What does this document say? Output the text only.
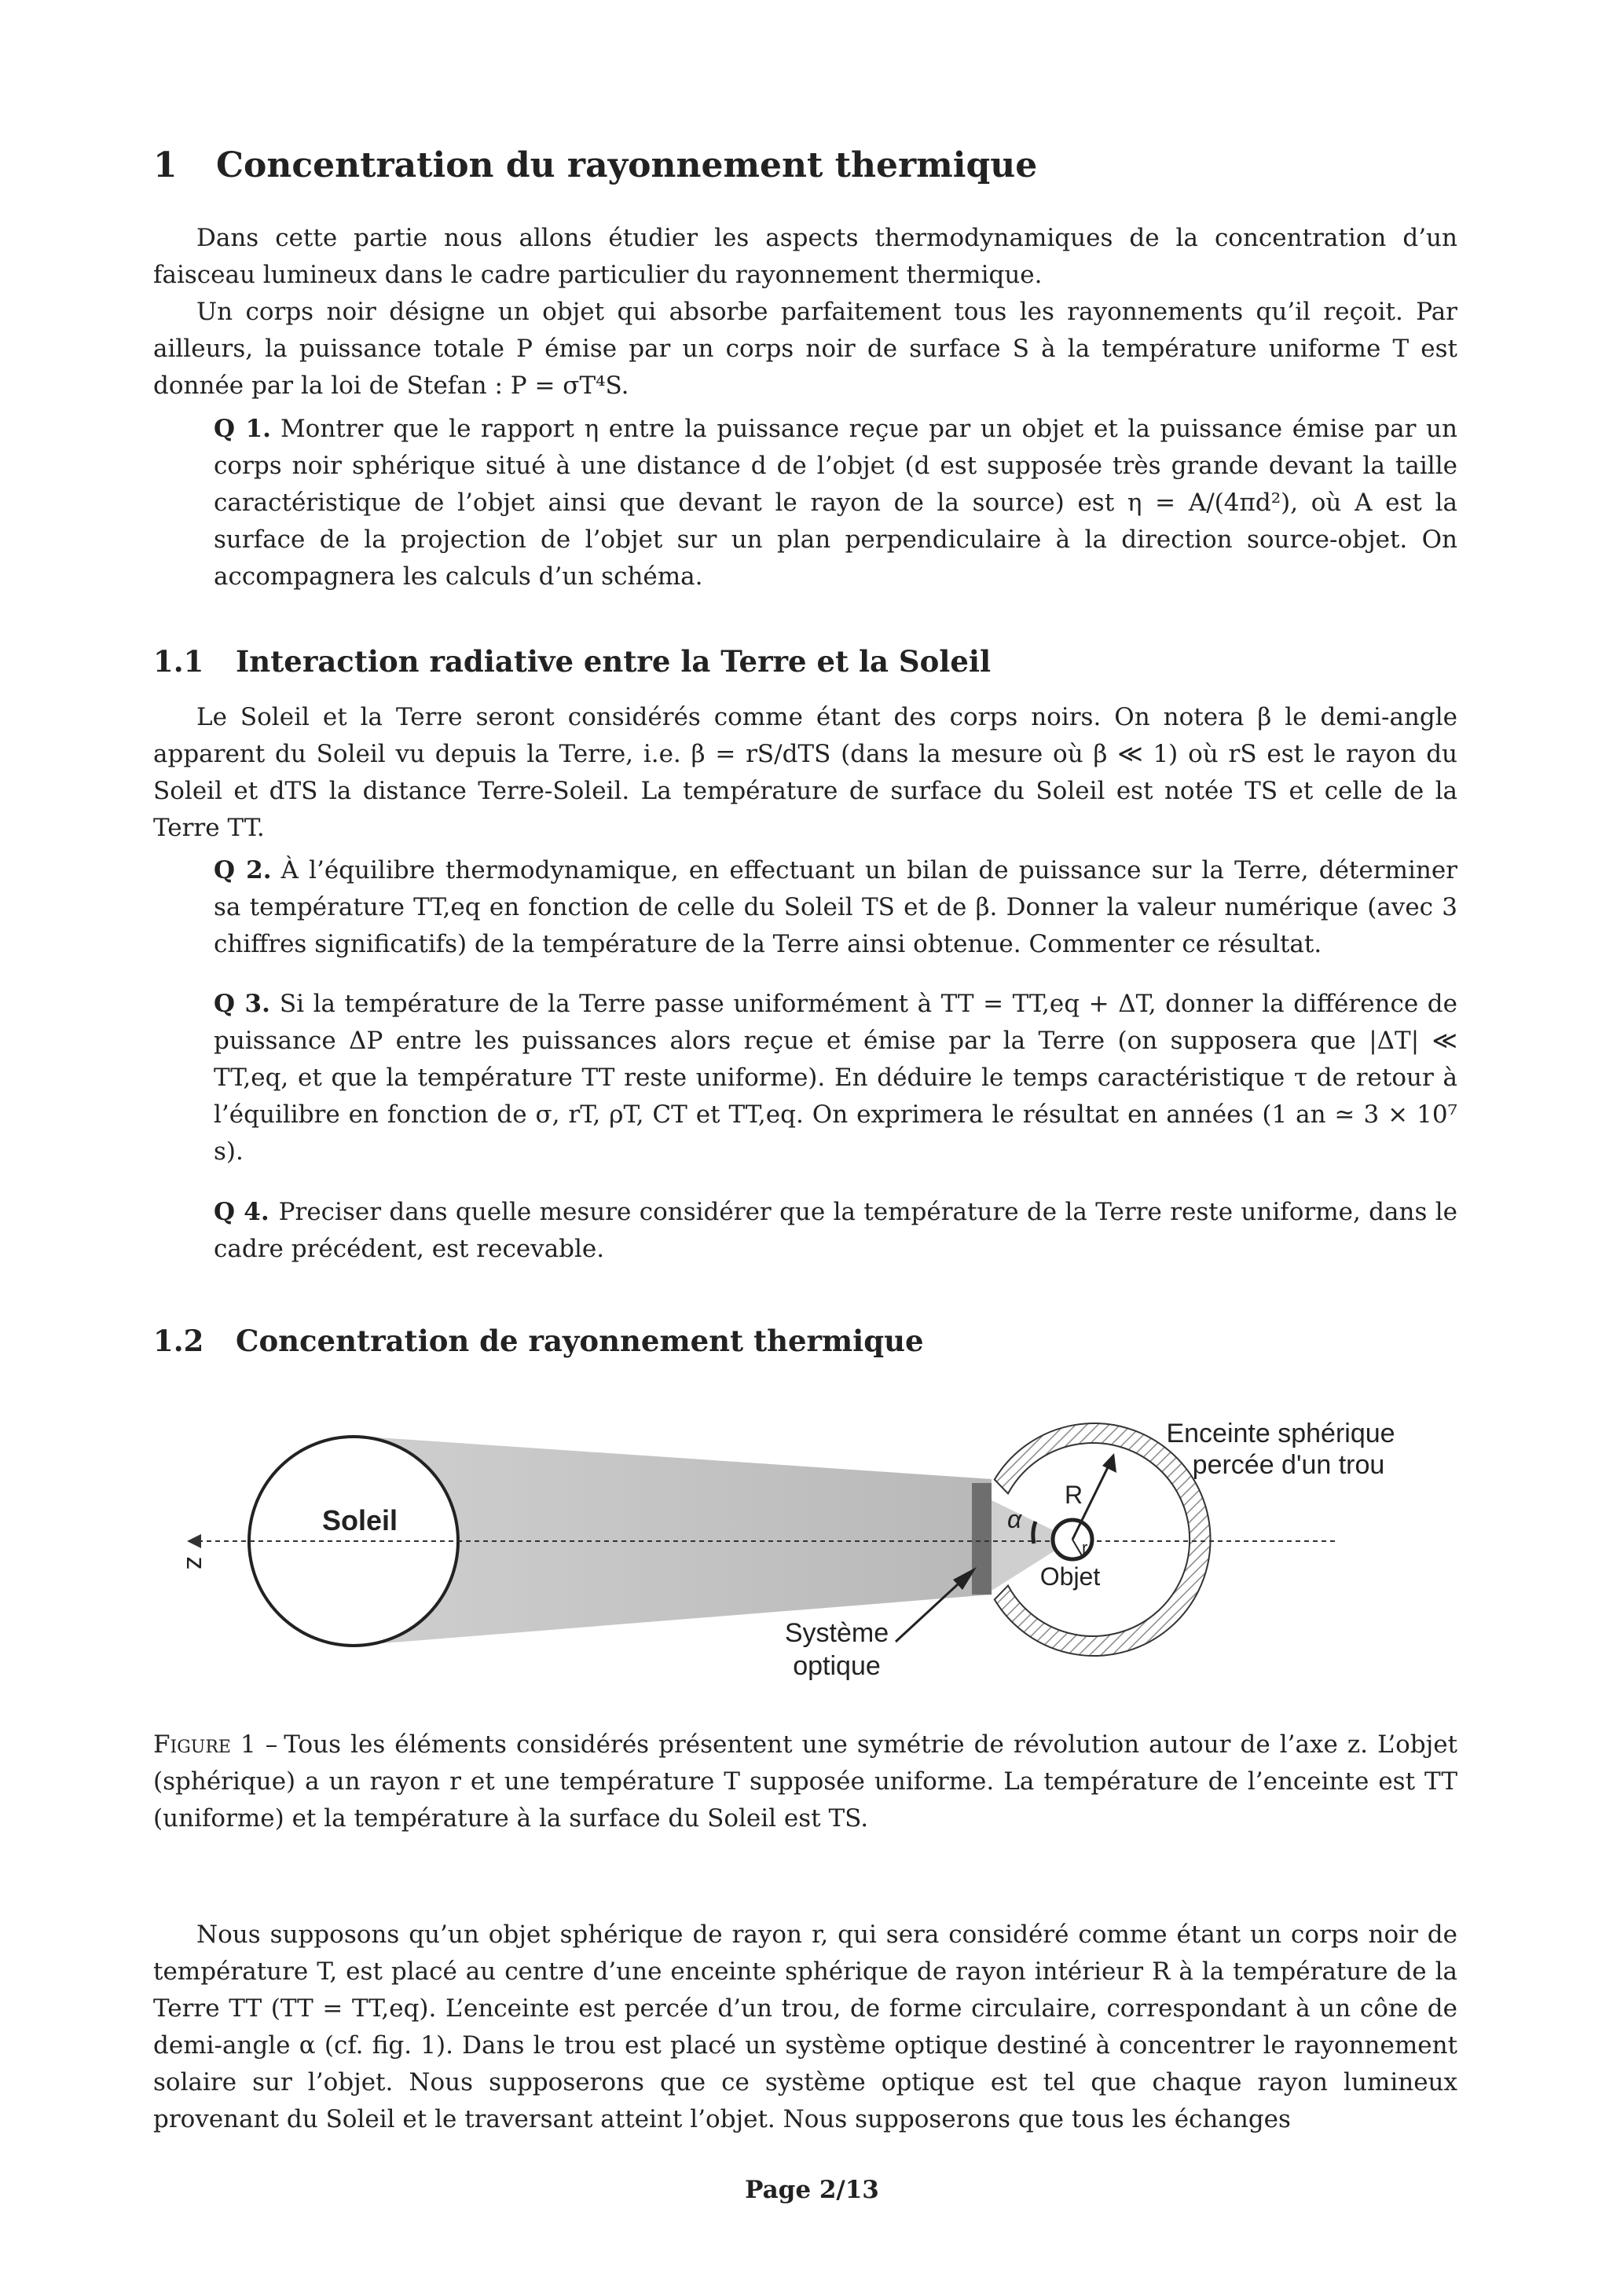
1 Concentration du rayonnement thermique

Dans cette partie nous allons étudier les aspects thermodynamiques de la concentration d’un faisceau lumineux dans le cadre particulier du rayonnement thermique.

Un corps noir désigne un objet qui absorbe parfaitement tous les rayonnements qu’il reçoit. Par ailleurs, la puissance totale P émise par un corps noir de surface S à la température uniforme T est donnée par la loi de Stefan : P = σT⁴S.

Q 1. Montrer que le rapport η entre la puissance reçue par un objet et la puissance émise par un corps noir sphérique situé à une distance d de l’objet (d est supposée très grande devant la taille caractéristique de l’objet ainsi que devant le rayon de la source) est η = A/(4πd²), où A est la surface de la projection de l’objet sur un plan perpendiculaire à la direction source-objet. On accompagnera les calculs d’un schéma.

1.1 Interaction radiative entre la Terre et la Soleil

Le Soleil et la Terre seront considérés comme étant des corps noirs. On notera β le demi-angle apparent du Soleil vu depuis la Terre, i.e. β = rS/dTS (dans la mesure où β ≪ 1) où rS est le rayon du Soleil et dTS la distance Terre-Soleil. La température de surface du Soleil est notée TS et celle de la Terre TT.

Q 2. À l’équilibre thermodynamique, en effectuant un bilan de puissance sur la Terre, déterminer sa température TT,eq en fonction de celle du Soleil TS et de β. Donner la valeur numérique (avec 3 chiffres significatifs) de la température de la Terre ainsi obtenue. Commenter ce résultat.

Q 3. Si la température de la Terre passe uniformément à TT = TT,eq + ΔT, donner la différence de puissance ΔP entre les puissances alors reçue et émise par la Terre (on supposera que |ΔT| ≪ TT,eq, et que la température TT reste uniforme). En déduire le temps caractéristique τ de retour à l’équilibre en fonction de σ, rT, ρT, CT et TT,eq. On exprimera le résultat en années (1 an ≃ 3 × 10⁷ s).

Q 4. Preciser dans quelle mesure considérer que la température de la Terre reste uniforme, dans le cadre précédent, est recevable.

1.2 Concentration de rayonnement thermique
Soleil
z
r
R
α
Objet
Enceinte sphérique
percée d'un trou
Système
optique

Figure 1 – Tous les éléments considérés présentent une symétrie de révolution autour de l’axe z. L’objet (sphérique) a un rayon r et une température T supposée uniforme. La température de l’enceinte est TT (uniforme) et la température à la surface du Soleil est TS.

Nous supposons qu’un objet sphérique de rayon r, qui sera considéré comme étant un corps noir de température T, est placé au centre d’une enceinte sphérique de rayon intérieur R à la température de la Terre TT (TT = TT,eq). L’enceinte est percée d’un trou, de forme circulaire, correspondant à un cône de demi-angle α (cf. fig. 1). Dans le trou est placé un système optique destiné à concentrer le rayonnement solaire sur l’objet. Nous supposerons que ce système optique est tel que chaque rayon lumineux provenant du Soleil et le traversant atteint l’objet. Nous supposerons que tous les échanges

Page 2/13
